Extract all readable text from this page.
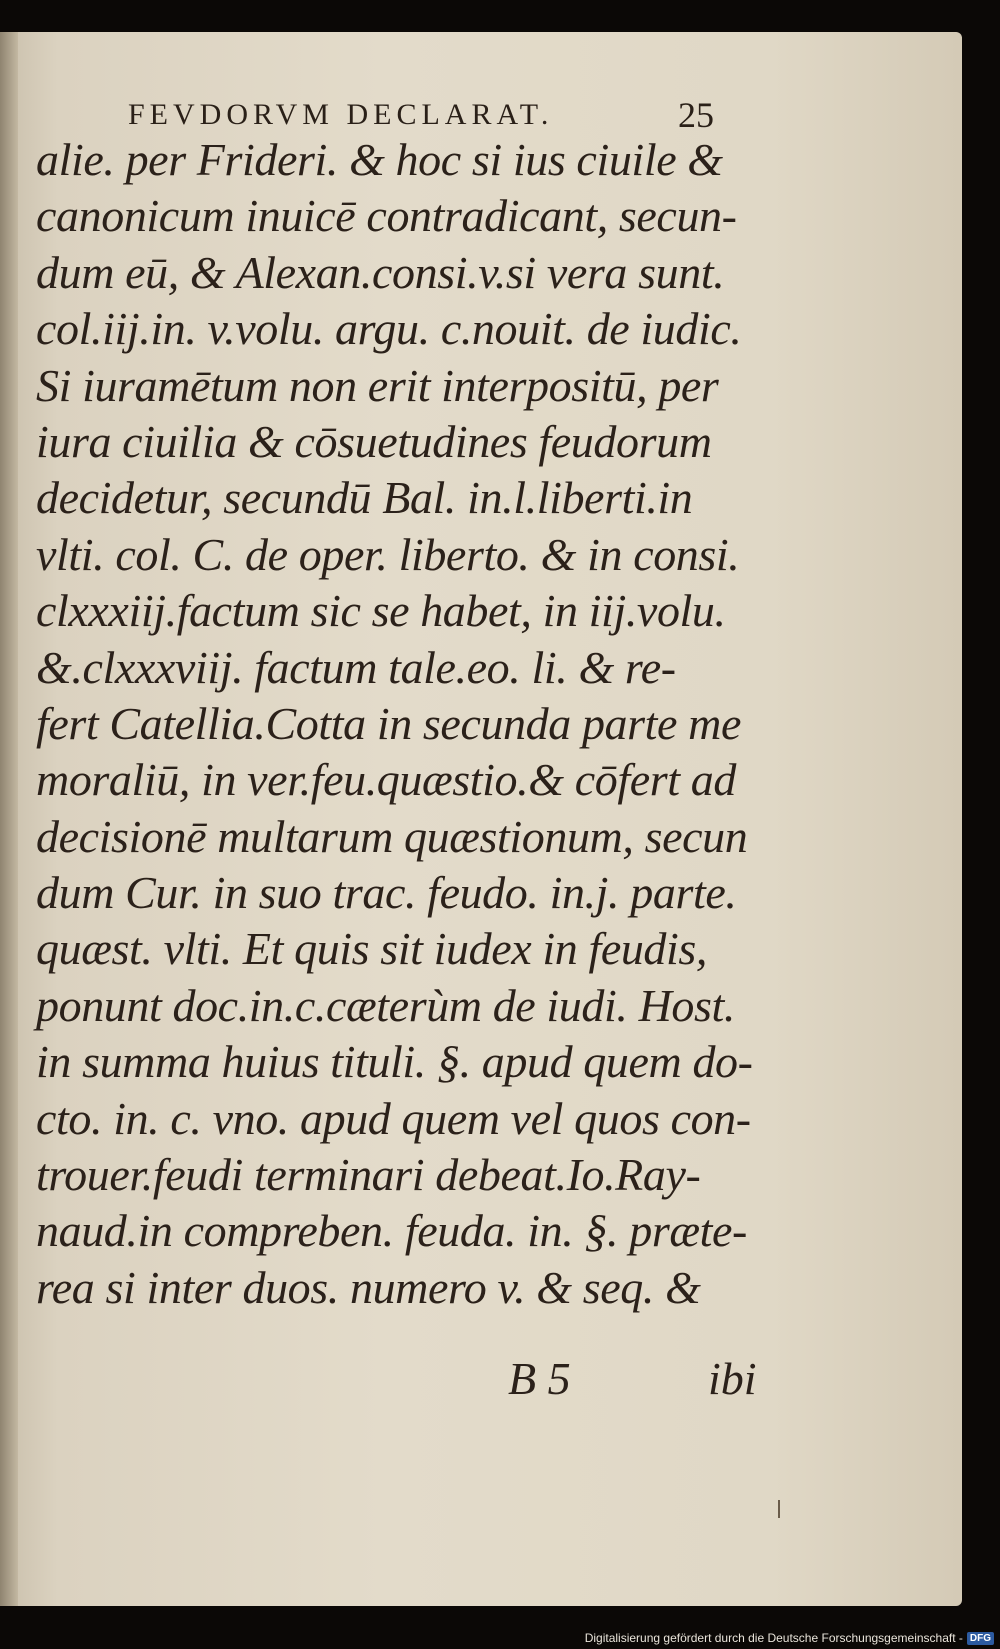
FEVDORVM DECLARAT.	25
alie. per Frideri. & hoc si ius ciuile &
canonicum inuicē contradicant, secun-
dum eū, & Alexan.consi.v.si vera sunt.
col.iij.in. v.volu. argu. c.nouit. de iudic.
Si iuramētum non erit interpositū, per
iura ciuilia & cōsuetudines feudorum
decidetur, secundū Bal. in.l.liberti.in
vlti. col. C. de oper. liberto. & in consi.
clxxxiij.factum sic se habet, in iij.volu.
&.clxxxviij. factum tale.eo. li. & re-
fert Catellia.Cotta in secunda parte me
moraliū, in ver.feu.quæstio.& cōfert ad
decisionē multarum quæstionum, secun
dum Cur. in suo trac. feudo. in.j. parte.
quæst. vlti. Et quis sit iudex in feudis,
ponunt doc.in.c.cæterùm de iudi. Host.
in summa huius tituli. §. apud quem do-
cto. in. c. vno. apud quem vel quos con-
trouer.feudi terminari debeat.Io.Ray-
naud.in compreben. feuda. in. §. præte-
rea si inter duos. numero v. & seq. &
B 5	ibi
Digitalisierung gefördert durch die Deutsche Forschungsgemeinschaft - DFG
